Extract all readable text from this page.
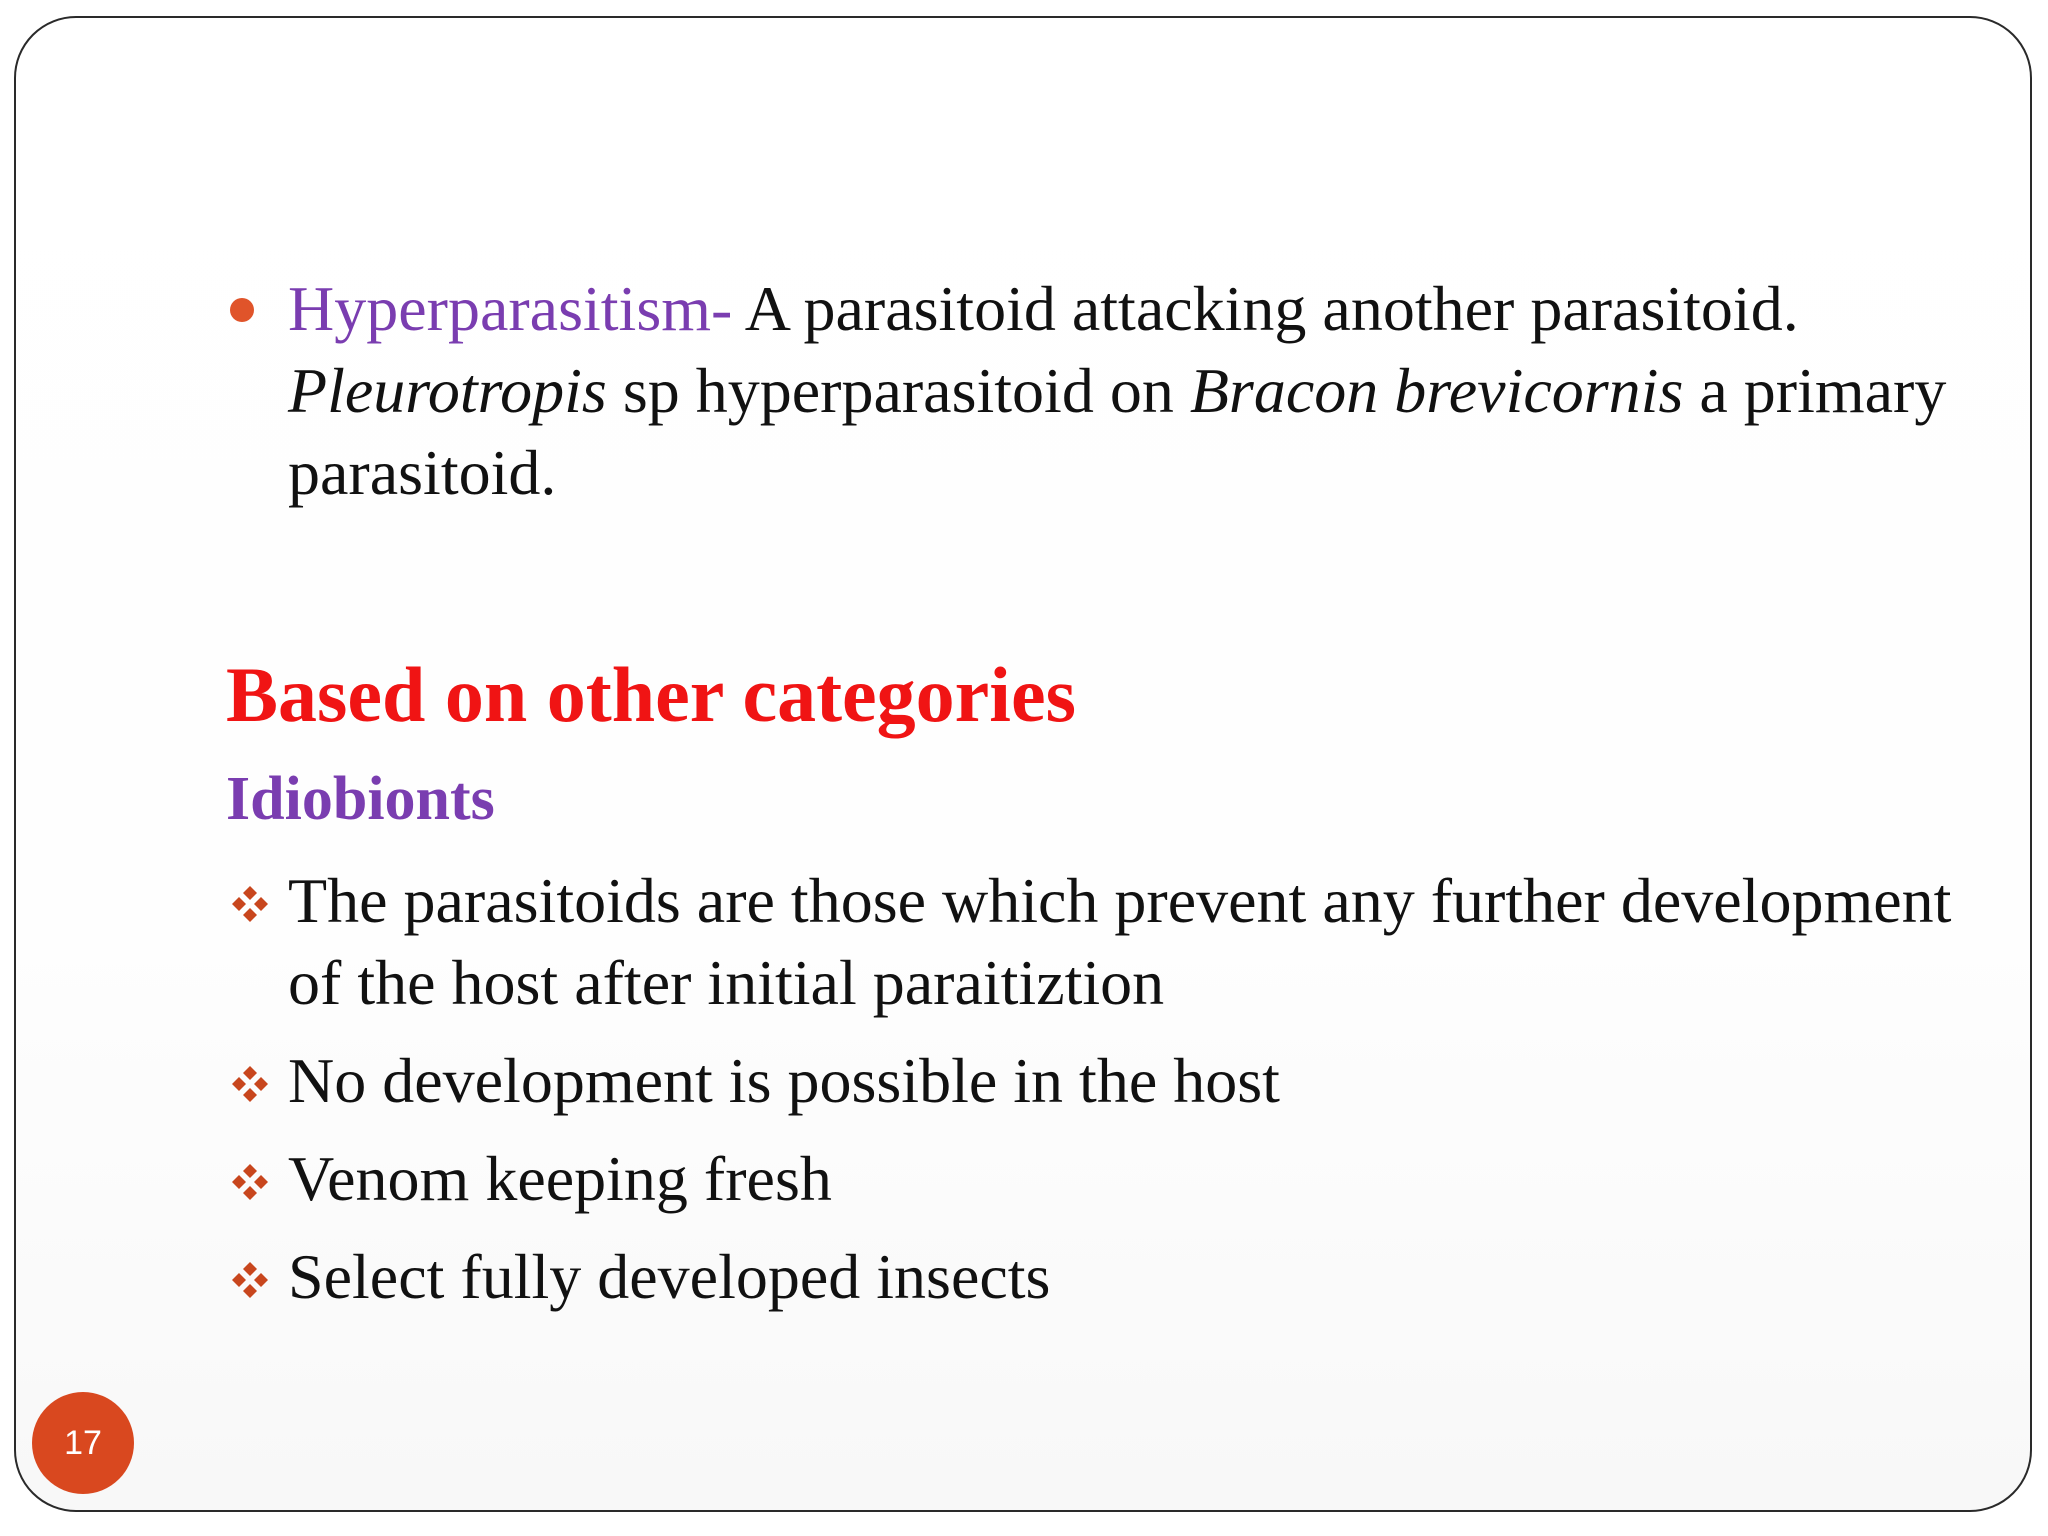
Hyperparasitism- A parasitoid attacking another parasitoid. Pleurotropis sp hyperparasitoid on Bracon brevicornis a primary parasitoid.
Based on other categories
Idiobionts
The parasitoids are those which prevent any further development of the host after initial paraitiztion
No development is possible in the host
Venom keeping fresh
Select fully developed insects
17
